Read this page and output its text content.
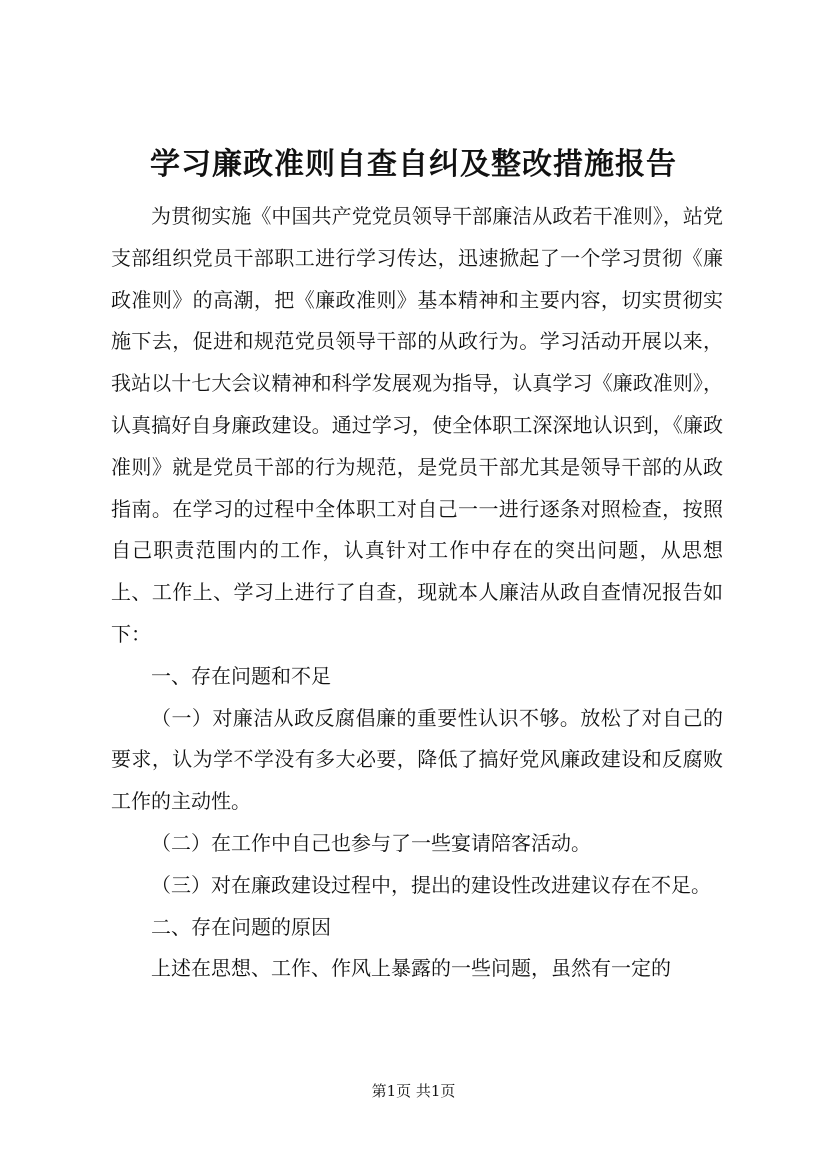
学习廉政准则自查自纠及整改措施报告

为贯彻实施《中国共产党党员领导干部廉洁从政若干准则》，站党支部组织党员干部职工进行学习传达，迅速掀起了一个学习贯彻《廉政准则》的高潮，把《廉政准则》基本精神和主要内容，切实贯彻实施下去，促进和规范党员领导干部的从政行为。学习活动开展以来，我站以十七大会议精神和科学发展观为指导，认真学习《廉政准则》，认真搞好自身廉政建设。通过学习，使全体职工深深地认识到，《廉政准则》就是党员干部的行为规范，是党员干部尤其是领导干部的从政指南。在学习的过程中全体职工对自己一一进行逐条对照检查，按照自己职责范围内的工作，认真针对工作中存在的突出问题，从思想上、工作上、学习上进行了自查，现就本人廉洁从政自查情况报告如下：

一、存在问题和不足

（一）对廉洁从政反腐倡廉的重要性认识不够。放松了对自己的要求，认为学不学没有多大必要，降低了搞好党风廉政建设和反腐败工作的主动性。

（二）在工作中自己也参与了一些宴请陪客活动。

（三）对在廉政建设过程中，提出的建设性改进建议存在不足。

二、存在问题的原因

上述在思想、工作、作风上暴露的一些问题，虽然有一定的

第1页 共1页
